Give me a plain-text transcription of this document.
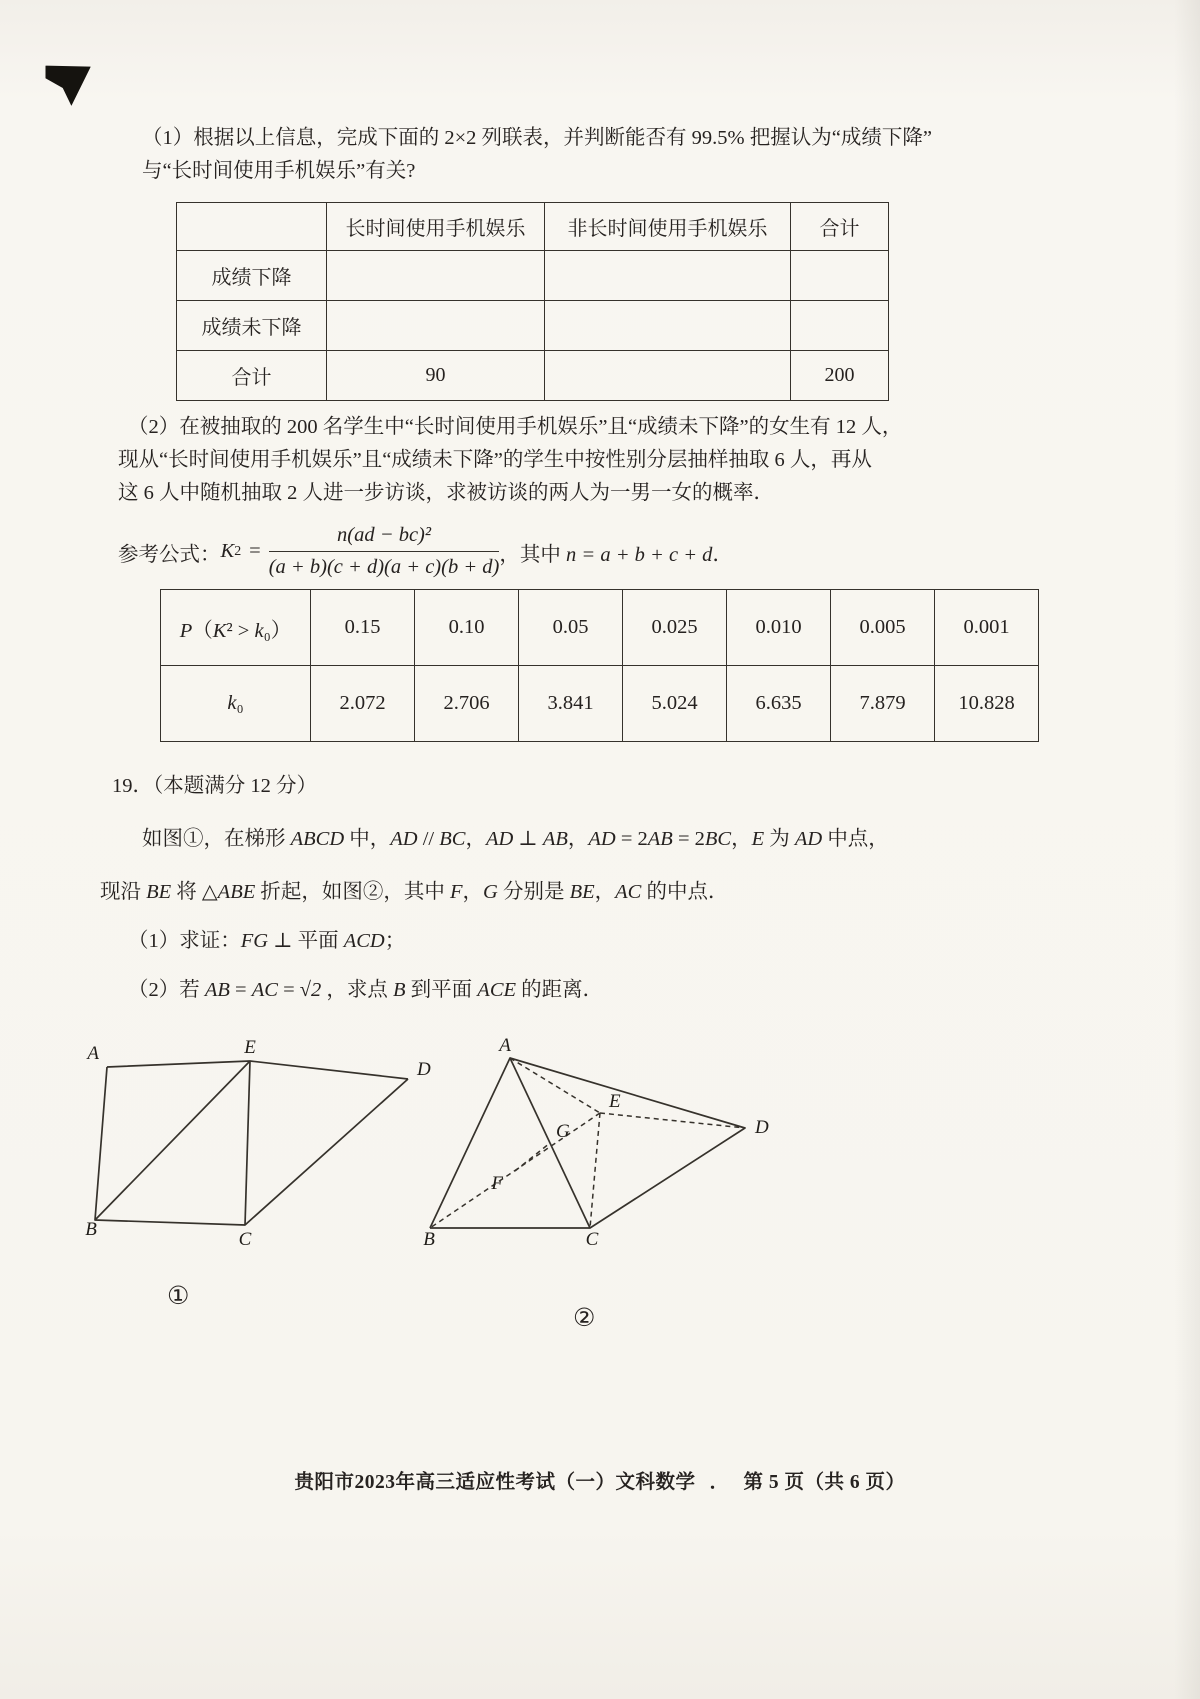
（1）根据以上信息，完成下面的 2×2 列联表，并判断能否有 99.5% 把握认为“成绩下降”
与“长时间使用手机娱乐”有关?
	长时间使用手机娱乐	非长时间使用手机娱乐	合计
成绩下降			
成绩未下降			
合计	90		200
（2）在被抽取的 200 名学生中“长时间使用手机娱乐”且“成绩未下降”的女生有 12 人，
现从“长时间使用手机娱乐”且“成绩未下降”的学生中按性别分层抽样抽取 6 人，再从
这 6 人中随机抽取 2 人进一步访谈，求被访谈的两人为一男一女的概率．
参考公式： K $2 = \frac{\text{n(ad − bc)²}}{(a + b)(c + d)(a + c)(b + d)}$ ，其中 n = a + b + c + d．
P（K² > k₀）	0.15	0.10	0.05	0.025	0.010	0.005	0.001
k₀	2.072	2.706	3.841	5.024	6.635	7.879	10.828
19．（本题满分 12 分）
如图①，在梯形 ABCD 中，AD // BC，AD ⊥ AB，AD = 2AB = 2BC，E 为 AD 中点，
现沿 BE 将 △ABE 折起，如图②，其中 F，G 分别是 BE，AC 的中点．
（1）求证：FG ⊥ 平面 ACD；
（2）若 AB = AC = √2 ，求点 B 到平面 ACE 的距离．
A	E
D
B	C
①
A
E
G	D
F
B	C
②
贵阳市2023年高三适应性考试（一）文科数学 ． 第 5 页（共 6 页）
